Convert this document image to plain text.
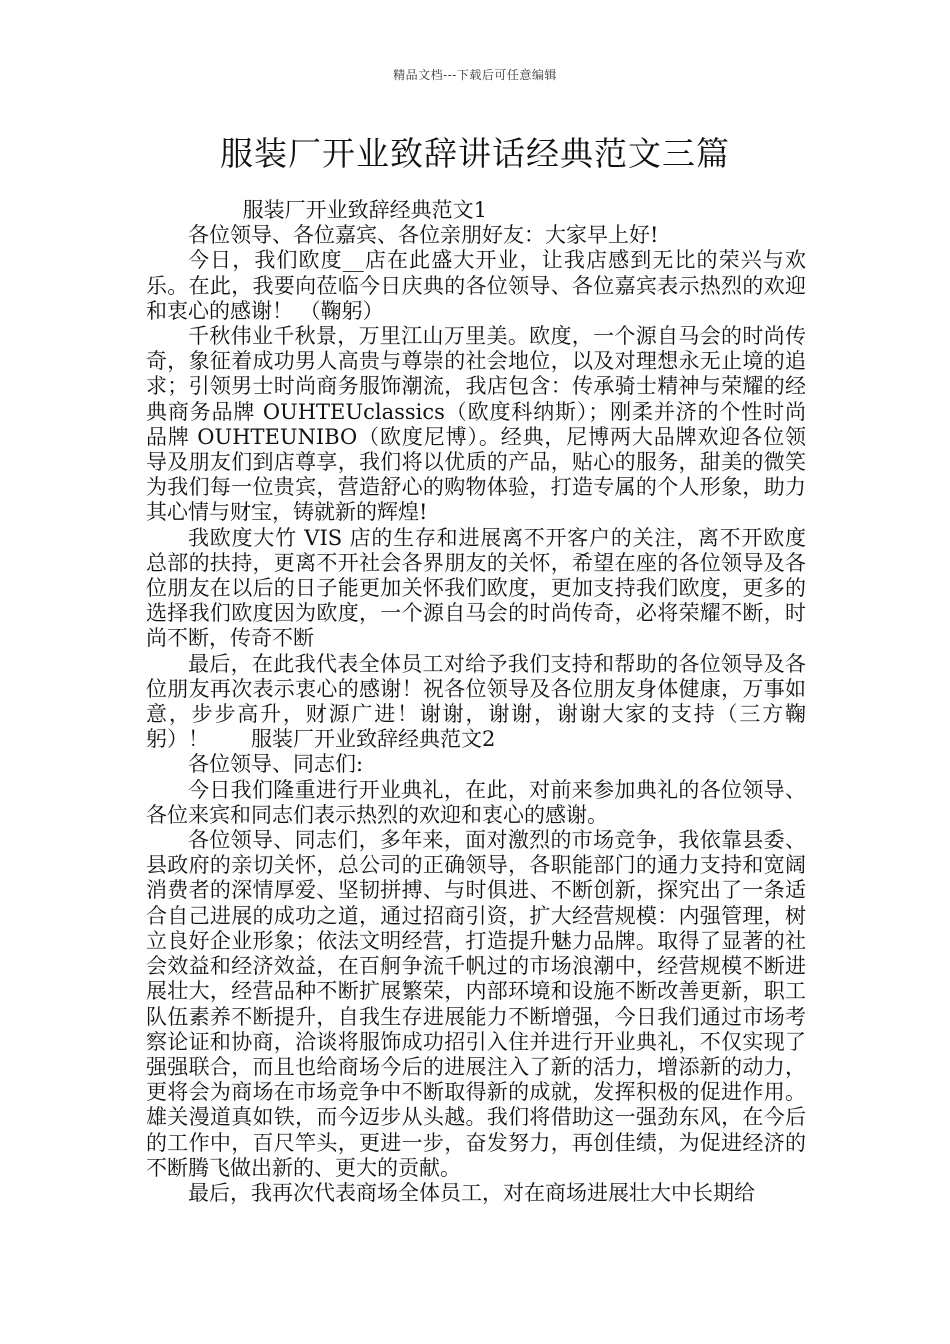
精品文档---下载后可任意编辑
服装厂开业致辞讲话经典范文三篇

服装厂开业致辞经典范文1

各位领导、各位嘉宾、各位亲朋好友：大家早上好!

今日，我们欧度__店在此盛大开业，让我店感到无比的荣兴与欢乐。在此，我要向莅临今日庆典的各位领导、各位嘉宾表示热烈的欢迎和衷心的感谢！ （鞠躬）

千秋伟业千秋景，万里江山万里美。欧度，一个源自马会的时尚传奇，象征着成功男人高贵与尊崇的社会地位，以及对理想永无止境的追求；引领男士时尚商务服饰潮流，我店包含：传承骑士精神与荣耀的经典商务品牌 OUHTEUclassics（欧度科纳斯）；刚柔并济的个性时尚品牌 OUHTEUNIBO（欧度尼博）。经典，尼博两大品牌欢迎各位领导及朋友们到店尊享，我们将以优质的产品，贴心的服务，甜美的微笑为我们每一位贵宾，营造舒心的购物体验，打造专属的个人形象，助力其心情与财宝，铸就新的辉煌!

我欧度大竹 VIS 店的生存和进展离不开客户的关注，离不开欧度总部的扶持，更离不开社会各界朋友的关怀，希望在座的各位领导及各位朋友在以后的日子能更加关怀我们欧度，更加支持我们欧度，更多的选择我们欧度因为欧度，一个源自马会的时尚传奇，必将荣耀不断，时尚不断，传奇不断

最后，在此我代表全体员工对给予我们支持和帮助的各位领导及各位朋友再次表示衷心的感谢！祝各位领导及各位朋友身体健康，万事如意，步步高升，财源广进！谢谢，谢谢，谢谢大家的支持（三方鞠躬）！　　服装厂开业致辞经典范文2

各位领导、同志们:

今日我们隆重进行开业典礼，在此，对前来参加典礼的各位领导、各位来宾和同志们表示热烈的欢迎和衷心的感谢。

各位领导、同志们，多年来，面对激烈的市场竞争，我依靠县委、县政府的亲切关怀，总公司的正确领导，各职能部门的通力支持和宽阔消费者的深情厚爱、坚韧拼搏、与时俱进、不断创新，探究出了一条适合自己进展的成功之道，通过招商引资，扩大经营规模：内强管理，树立良好企业形象；依法文明经营，打造提升魅力品牌。取得了显著的社会效益和经济效益，在百舸争流千帆过的市场浪潮中，经营规模不断进展壮大，经营品种不断扩展繁荣，内部环境和设施不断改善更新，职工队伍素养不断提升，自我生存进展能力不断增强，今日我们通过市场考察论证和协商，洽谈将服饰成功招引入住并进行开业典礼，不仅实现了强强联合，而且也给商场今后的进展注入了新的活力，增添新的动力，更将会为商场在市场竞争中不断取得新的成就，发挥积极的促进作用。雄关漫道真如铁，而今迈步从头越。我们将借助这一强劲东风，在今后的工作中，百尺竿头，更进一步，奋发努力，再创佳绩，为促进经济的不断腾飞做出新的、更大的贡献。

最后，我再次代表商场全体员工，对在商场进展壮大中长期给
